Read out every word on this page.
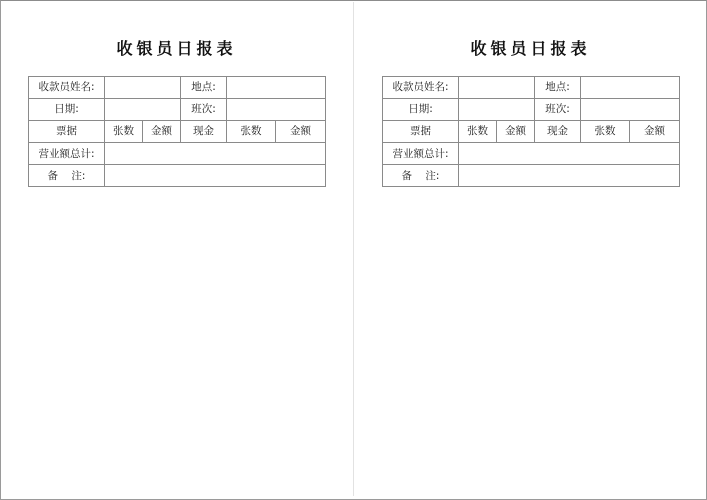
收银员日报表
收款员姓名:			地点:		
日期:			班次:		
票据	张数	金额	现金	张数	金额
营业额总计:					
备    注:					
收银员日报表
收款员姓名:			地点:		
日期:			班次:		
票据	张数	金额	现金	张数	金额
营业额总计:					
备    注:					
